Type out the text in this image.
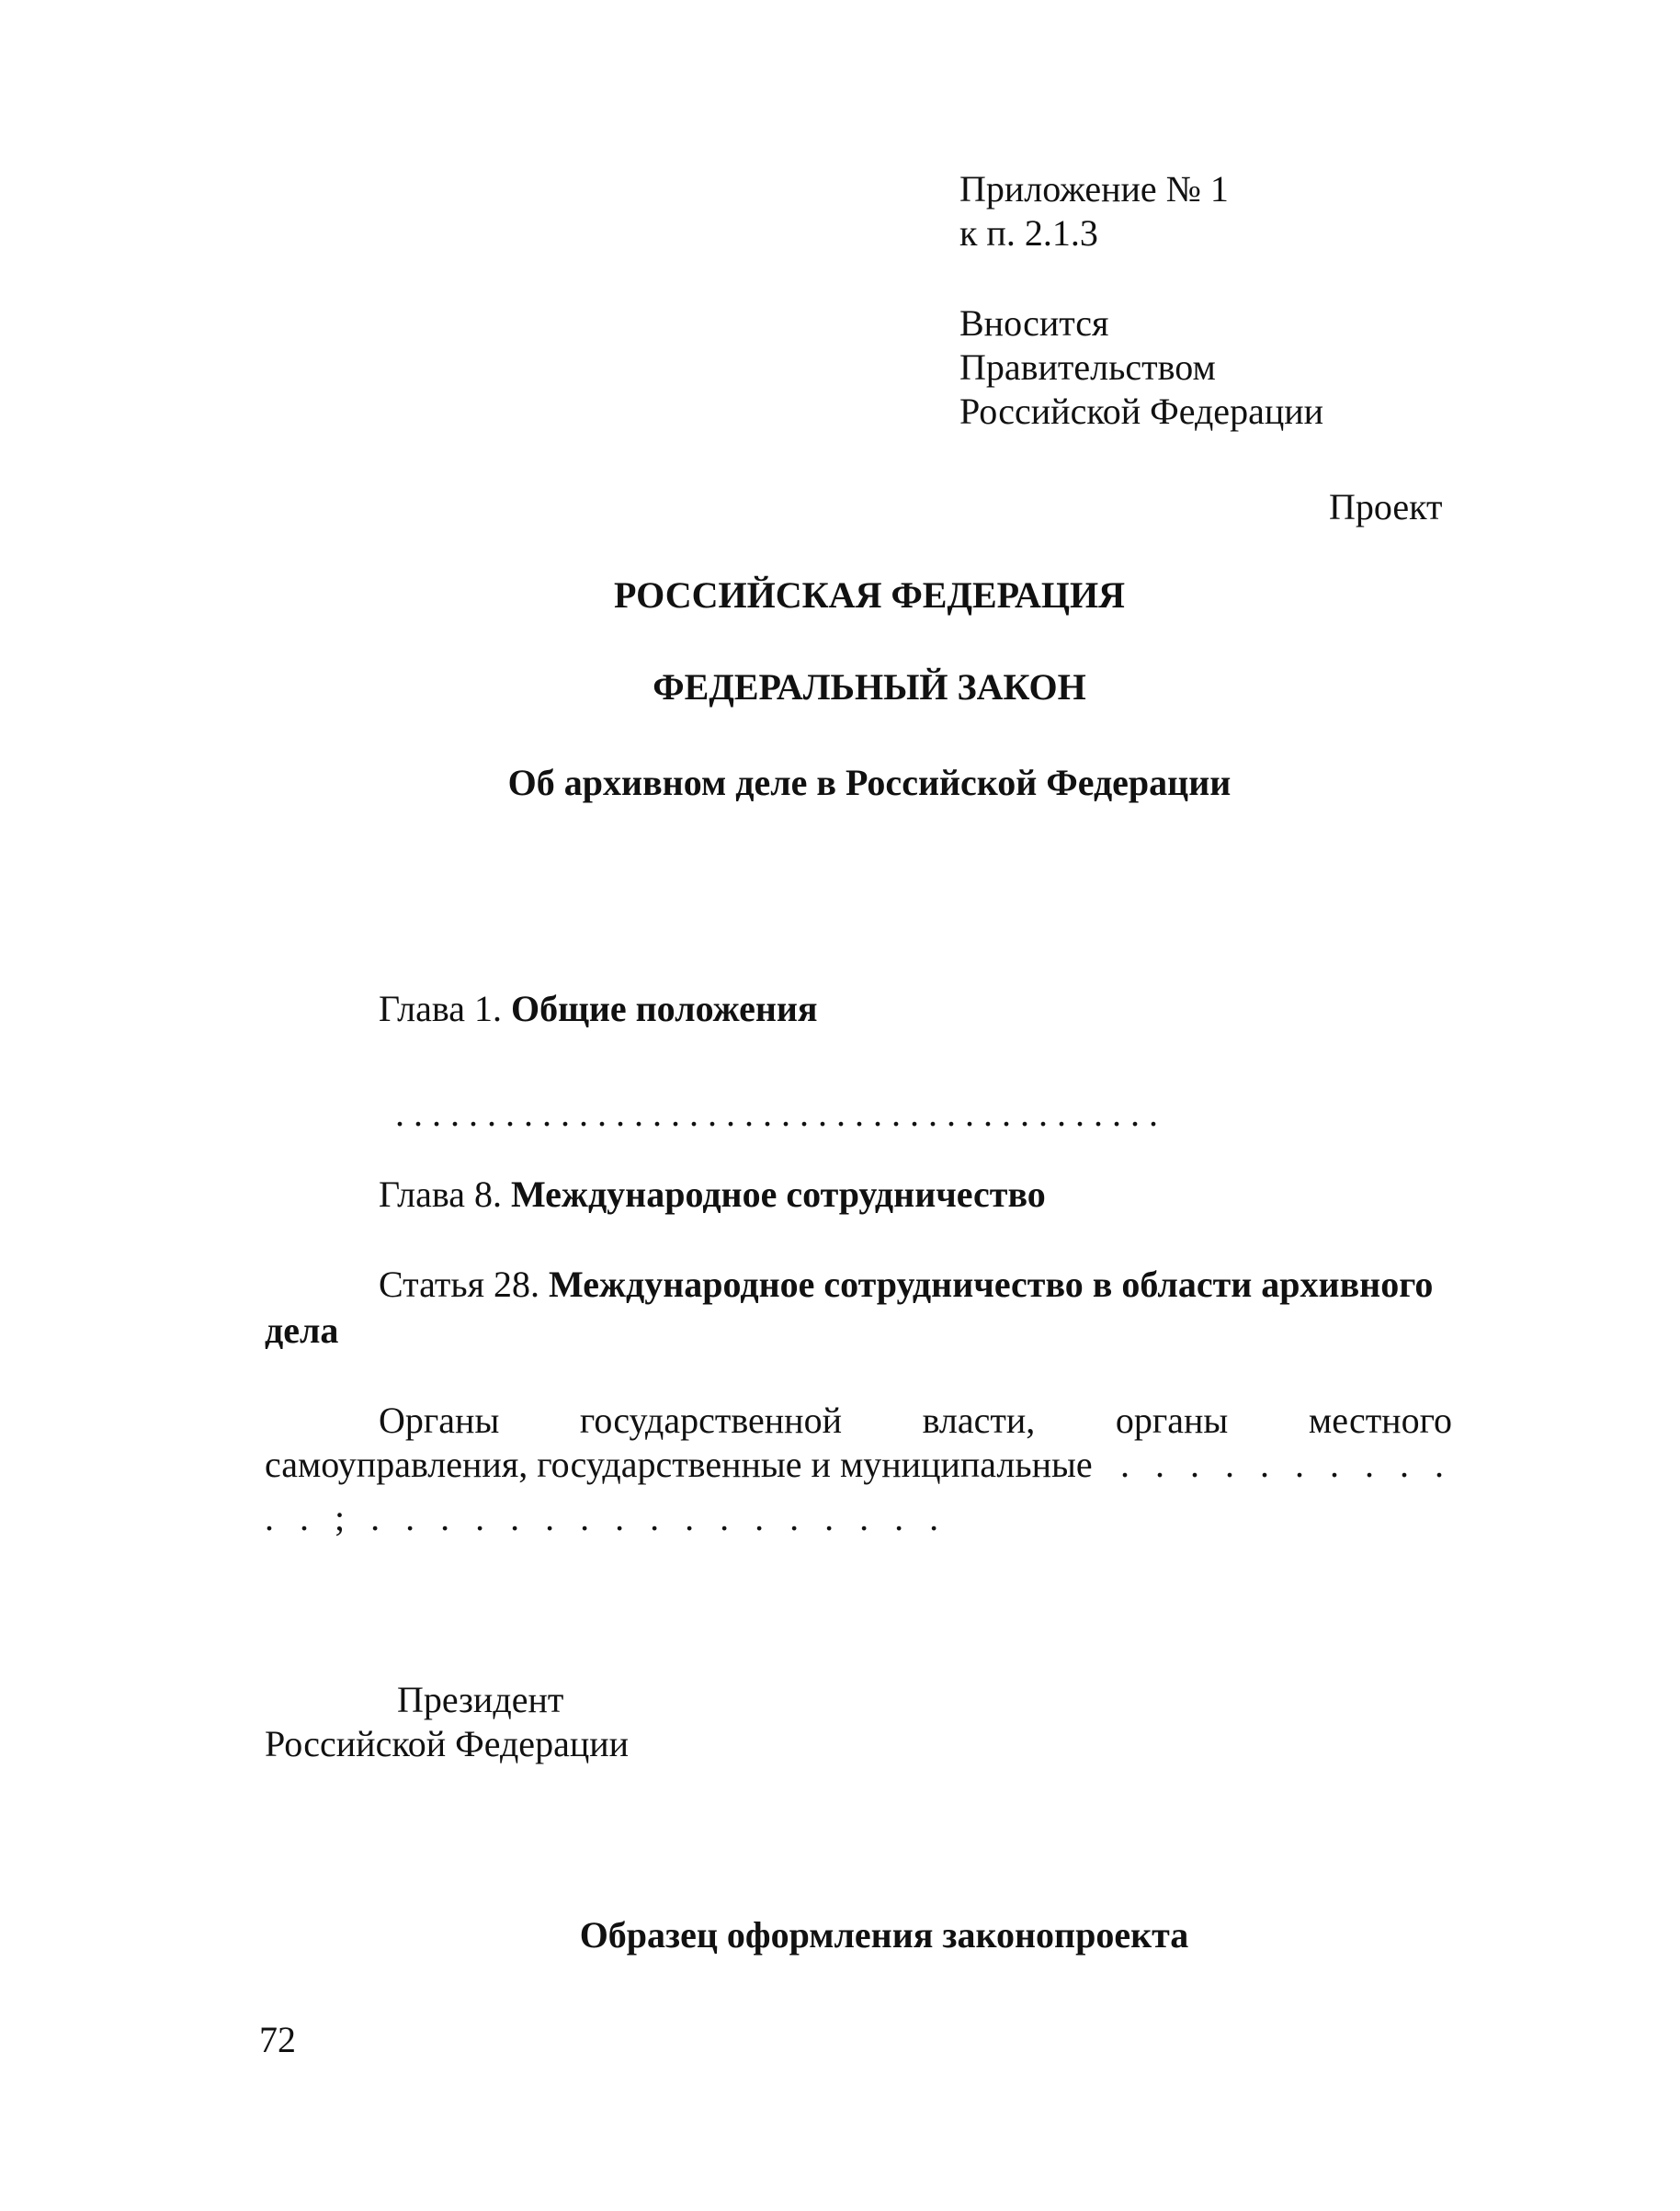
Приложение № 1
к п. 2.1.3
Вносится
Правительством
Российской Федерации
Проект
РОССИЙСКАЯ ФЕДЕРАЦИЯ
ФЕДЕРАЛЬНЫЙ ЗАКОН
Об архивном деле в Российской Федерации
Глава 1. Общие положения
. . . . . . . . . . . . . . . . . . . . . . . . . . . . . . . . . . . . . . . . . .
Глава 8. Международное сотрудничество
Статья 28. Международное сотрудничество в области архивного
дела
Органы государственной власти, органы местного
самоуправления, государственные и муниципальные . . . . . . . . . .
. . ; . . . . . . . . . . . . . . . . .
Президент
Российской Федерации
Образец оформления законопроекта
72
